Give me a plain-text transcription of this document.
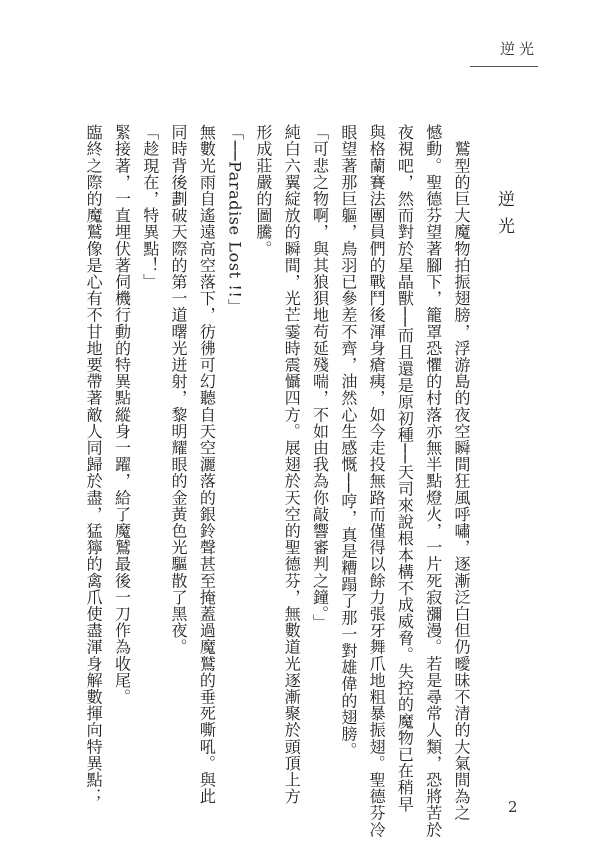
逆光
逆光

　鷲型的巨大魔物拍振翅膀，浮游島的夜空瞬間狂風呼嘯，逐漸泛白但仍曖昧不清的大氣間為之

憾動。聖德芬望著腳下，籠罩恐懼的村落亦無半點燈火，一片死寂瀰漫。若是尋常人類，恐將苦於

夜視吧，然而對於星晶獸──而且還是原初種──天司來說根本構不成威脅。失控的魔物已在稍早

與格蘭賽法團員們的戰鬥後渾身瘡痍，如今走投無路而僅得以餘力張牙舞爪地粗暴振翅。聖德芬冷

眼望著那巨軀，鳥羽已參差不齊，油然心生感慨──哼，真是糟蹋了那一對雄偉的翅膀。

「可悲之物啊，與其狼狽地苟延殘喘，不如由我為你敲響審判之鐘。」

純白六翼綻放的瞬間，光芒霎時震懾四方。展翅於天空的聖德芬，無數道光逐漸聚於頭頂上方

形成莊嚴的圖騰。

「──Paradise Lost !!」

無數光雨自遙遠高空落下，彷彿可幻聽自天空灑落的銀鈴聲甚至掩蓋過魔鷲的垂死嘶吼。與此

同時背後劃破天際的第一道曙光迸射，黎明耀眼的金黃色光驅散了黑夜。

「趁現在，特異點！」

緊接著，一直埋伏著伺機行動的特異點縱身一躍，給了魔鷲最後一刀作為收尾。

臨終之際的魔鷲像是心有不甘地要帶著敵人同歸於盡，猛獰的禽爪使盡渾身解數揮向特異點；

2
